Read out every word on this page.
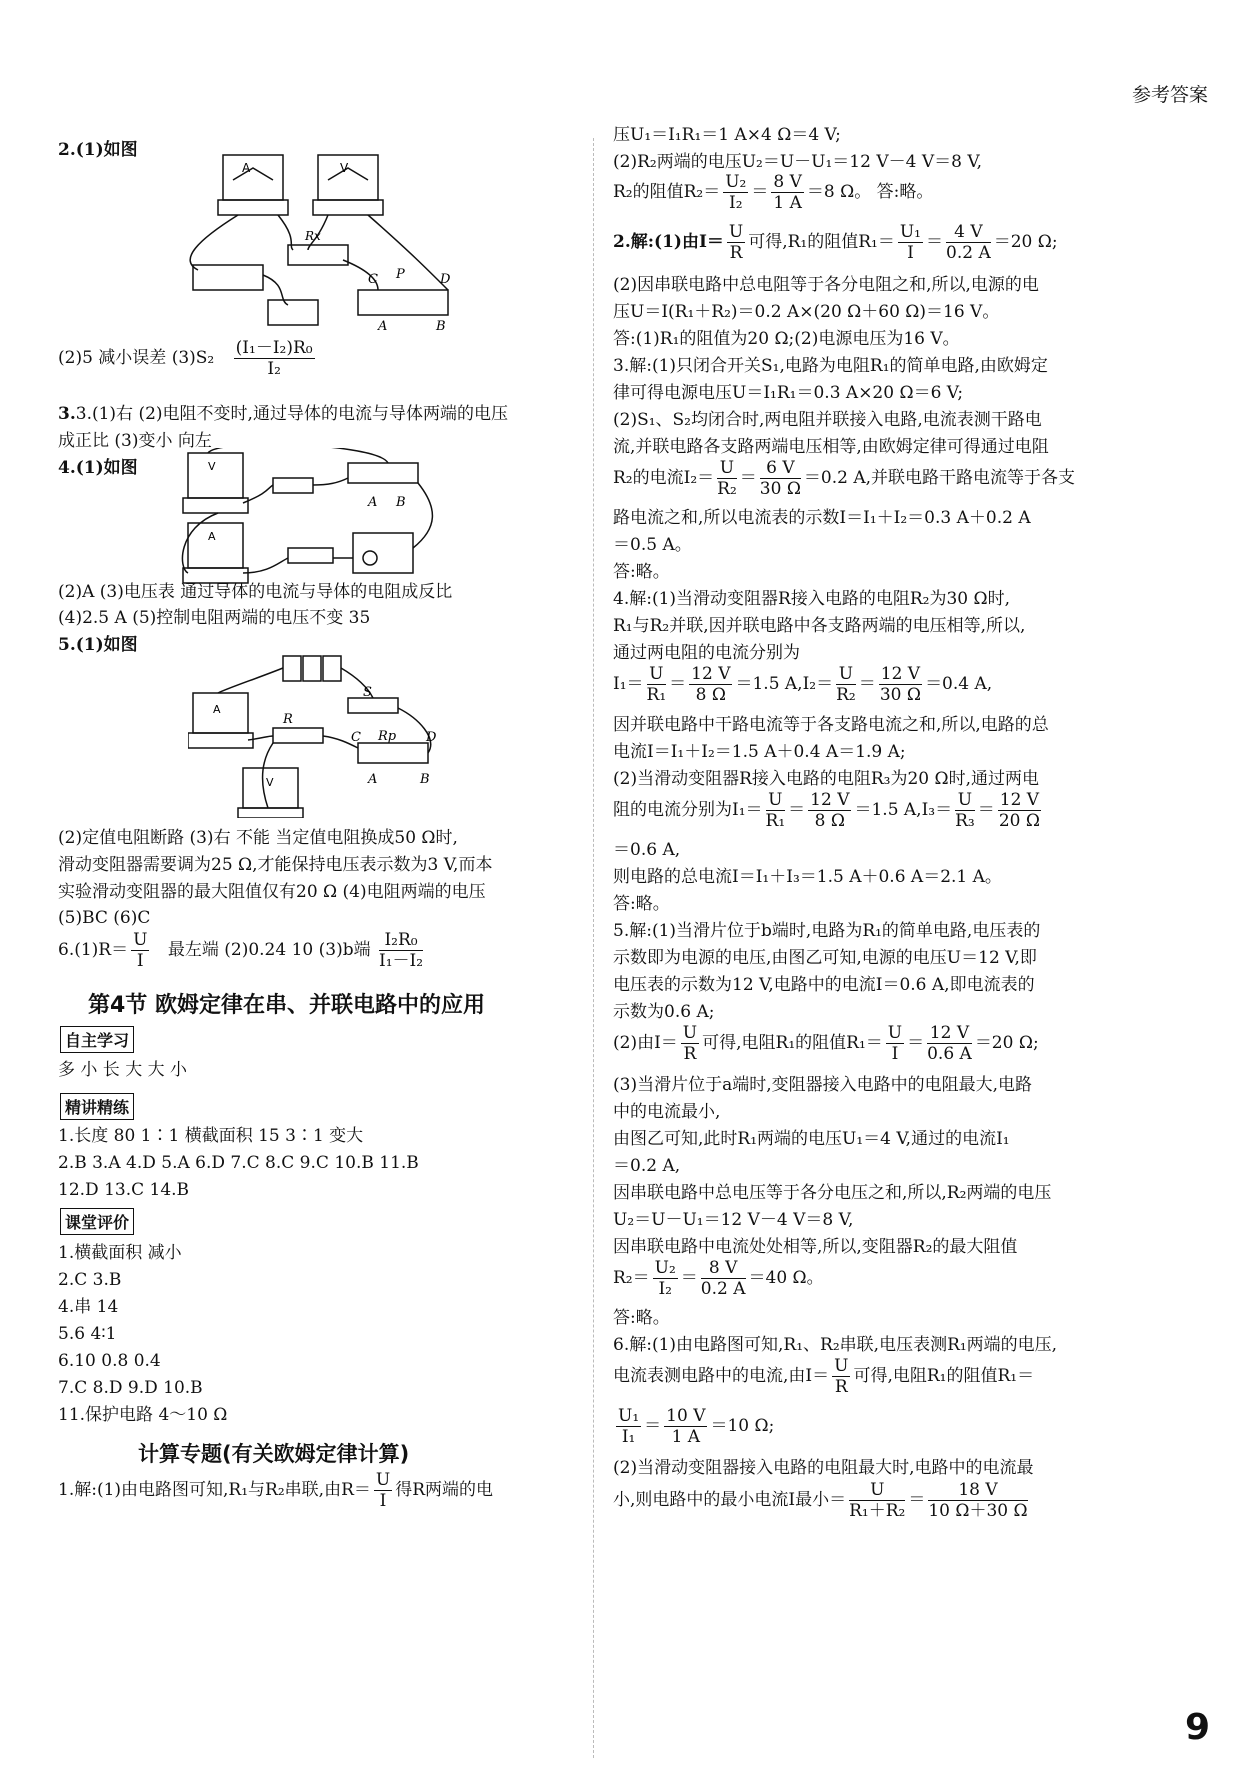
参考答案
2.(1)如图
A	V
Rx
C P	D
A	B
(2)5 减小误差 $(3)S_2 \frac{\text{(I₁－I₂)R₀}}{\text{I₂}}$
3.3.(1)右 (2)电阻不变时,通过导体的电流与导体两端的电压
成正比 (3)变小 向左
4.(1)如图	V
A
A B
(2)A (3)电压表 通过导体的电流与导体的电阻成反比
(4)2.5 A (5)控制电阻两端的电压不变 35
5.(1)如图
A
V
S
R
C Rp D
A	B
(2)定值电阻断路 (3)右 不能 当定值电阻换成50 Ω时,
滑动变阻器需要调为25 Ω,才能保持电压表示数为3 V,而本
实验滑动变阻器的最大阻值仅有20 Ω (4)电阻两端的电压
(5)BC (6)C
$6.(1)R= \frac{U}{I}$ 最左端 (2)0.24 10 (3)b端 $\frac{\text{I₂R₀}}{\text{I₁－I₂}}$
第4节 欧姆定律在串、并联电路中的应用
自主学习
多 小 长 大 大 小
精讲精练
1.长度 80 1∶1 横截面积 15 3∶1 变大
2.B 3.A 4.D 5.A 6.D 7.C 8.C 9.C 10.B 11.B
12.D 13.C 14.B
课堂评价
1.横截面积 减小
2.C 3.B
4.串 14
5.6 4∶1
6.10 0.8 0.4
7.C 8.D 9.D 10.B
11.保护电路 4～10 Ω
计算专题(有关欧姆定律计算)
1.解:(1)由电路图可知,R₁与R₂串联,由$R= \frac{U}{I}$ 得R两端的电
压U₁＝I₁R₁＝1 A×4 Ω＝4 V;
(2)R₂两端的电压U₂＝U－U₁＝12 V－4 V＝8 V,
R₂的阻值$R_2= \frac{\text{U₂}}{\text{I₂}} = \frac{8 V}{1 A} =8$ Ω。 答:略。
2.解:(1)由$I= \frac{U}{R}$ 可得,R₁的阻值$R_1= \frac{\text{U₁}}{I} = \frac{4 V}{0.2 A} =20$ Ω;
(2)因串联电路中总电阻等于各分电阻之和,所以,电源的电
压U＝I(R₁＋R₂)＝0.2 A×(20 Ω＋60 Ω)＝16 V。
答:(1)R₁的阻值为20 Ω;(2)电源电压为16 V。
3.解:(1)只闭合开关S₁,电路为电阻R₁的简单电路,由欧姆定
律可得电源电压U＝I₁R₁＝0.3 A×20 Ω＝6 V;
(2)S₁、S₂均闭合时,两电阻并联接入电路,电流表测干路电
流,并联电路各支路两端电压相等,由欧姆定律可得通过电阻
R₂的电流$I_2= \frac{U}{\text{R₂}} = \frac{6 V}{30 \Omega} =0.2$ A,并联电路干路电流等于各支
路电流之和,所以电流表的示数I＝I₁＋I₂＝0.3 A＋0.2 A
＝0.5 A。
答:略。
4.解:(1)当滑动变阻器R接入电路的电阻R₂为30 Ω时,
R₁与R₂并联,因并联电路中各支路两端的电压相等,所以,
通过两电阻的电流分别为
$I_1= \frac{U}{\text{R₁}} = \frac{12 V}{8 \Omega} =1.5$ $A,I_2= \frac{U}{\text{R₂}} = \frac{12 V}{30 \Omega} =0.4$ A,
因并联电路中干路电流等于各支路电流之和,所以,电路的总
电流I＝I₁＋I₂＝1.5 A＋0.4 A＝1.9 A;
(2)当滑动变阻器R接入电路的电阻R₃为20 Ω时,通过两电
阻的电流分别为$I_1= \frac{U}{\text{R₁}} = \frac{12 V}{8 \Omega} =1.5$ $A,I_3= \frac{U}{\text{R₃}} = \frac{12 V}{20 \Omega}$
＝0.6 A,
则电路的总电流I＝I₁＋I₃＝1.5 A＋0.6 A＝2.1 A。
答:略。
5.解:(1)当滑片位于b端时,电路为R₁的简单电路,电压表的
示数即为电源的电压,由图乙可知,电源的电压U＝12 V,即
电压表的示数为12 V,电路中的电流I＝0.6 A,即电流表的
示数为0.6 A;
(2)由$I= \frac{U}{R}$ 可得,电阻R₁的阻值$R_1= \frac{U}{I} = \frac{12 V}{0.6 A} =20$ Ω;
(3)当滑片位于a端时,变阻器接入电路中的电阻最大,电路
中的电流最小,
由图乙可知,此时R₁两端的电压U₁＝4 V,通过的电流I₁
＝0.2 A,
因串联电路中总电压等于各分电压之和,所以,R₂两端的电压
U₂＝U－U₁＝12 V－4 V＝8 V,
因串联电路中电流处处相等,所以,变阻器R₂的最大阻值
$R_2= \frac{\text{U₂}}{\text{I₂}} = \frac{8 V}{0.2 A} =40$ Ω。
答:略。
6.解:(1)由电路图可知,R₁、R₂串联,电压表测R₁两端的电压,
电流表测电路中的电流,由$I= \frac{U}{R}$ 可得,电阻R₁的阻值R₁＝
$\frac{\text{U₁}}{\text{I₁}} = \frac{10 V}{1 A} =10$ Ω;
(2)当滑动变阻器接入电路的电阻最大时,电路中的电流最
小,则电路中的最小电流I最小＝ $\frac{U}{\text{R₁＋R₂}} = \frac{18 V}{10 \Omega+30 \Omega}$
9
